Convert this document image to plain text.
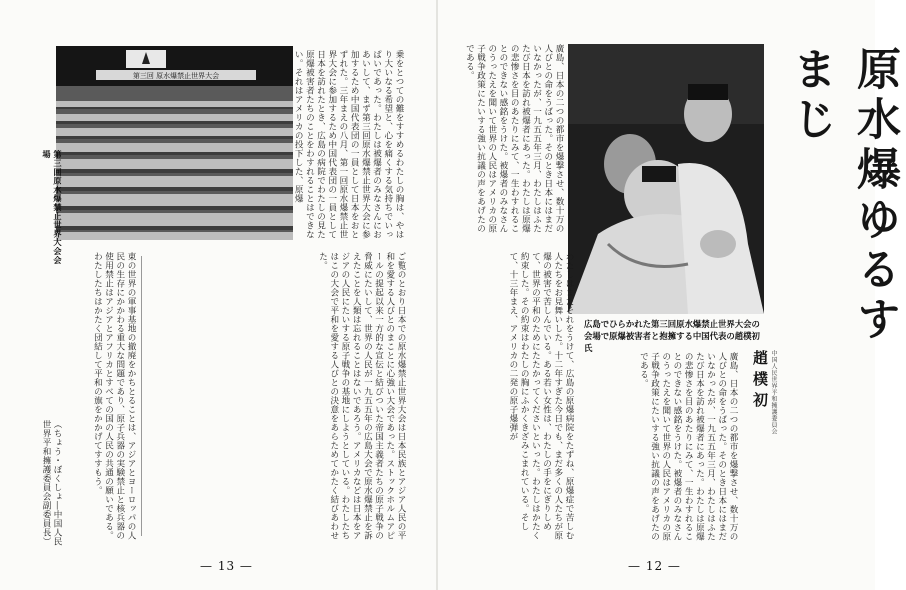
第三回 原水爆禁止世界大会
第三回原水爆禁止世界大会会場	乗をとつての難をすすめるわたしの胸は、やはり大いなる希望と、心を痛くする気持ちでいっぱいであった。わたしは被爆者のみなさんにおあいして、まず第三回原水爆禁止世界大会に参加するため中国代表団の一員として日本をおとずれた。三年まえの八月、第一回原水爆禁止世界大会に参加するため中国代表団の一員として日本を訪れたとき、広島の病院でわたしの見た原爆被害者たちのことをわすれることはできない。それはアメリカの投下した、原爆
ご覧のとおり日本での原水爆禁止世界大会は日本民族とアジア人民の平和を愛する人びとのまことに心強い大会であった。ストックホルムアピールの提起以来一方的な宣伝と結びついた帝国主義者たちの原子戦争の脅威にたいして、世界の人民が一九五五年の広島大会で原水爆禁止を訴えたことを人類は忘れることはないであろう。アメリカなどは日本をアジアの人民にたいする原子戦争の基地にしようとしている。わたしたちはこの大会で平和を愛する人びとの決意をあらためてかたく結びあわせた。
東の世界の軍事基地の撤廃をかちとることは、アジアとヨーロッパの人民の生存にかかわる重大な問題であり、原子兵器の実験禁止と核兵器の使用禁止はアジアとアフリカとすべての国の人民の共通の願いである。わたしたちはかたく団結して平和の旗をかかげてすすもう。
（ちょう・ぼくしょ―中国人民世界平和擁護委員会副委員長）
— 13 —
廣島、日本の二つの都市を爆撃させ、数十万の人びとの命をうばった。そのとき日本にはまだいなかったが、一九五五年三月、わたしはふたたび日本を訪れ被爆者にあった。わたしは原爆の悲惨さを目のあたりにみて、一生わすれることのできない感銘をうけた。被爆者のみなさんのうったえを聞いて世界の人民はアメリカの原子戦争政策にたいする強い抗議の声をあげたのである。
広島でひらかれた第三回原水爆禁止世界大会の
会場で原爆被害者と抱擁する中国代表の趙樸初氏
原水爆ゆるすまじ
中国人民世界平和擁護委員会
趙樸初
わたしはまたそれをうけて、広島の原爆病院をたずね、原爆症で苦しむ人たちをお見舞いした。十二年すぎた今日でも、まだ多くの人たちが原爆の被害で苦しんでいる。ある若い女性は、わたしの手をにぎりしめて、世界の平和のためにたたかってくださいといった。わたしはかたく約束した。その約束はわたしの胸にふかくきざみこまれている。そして、十三年まえ、アメリカの二発の原子爆弾が
廣島、日本の二つの都市を爆撃させ、数十万の人びとの命をうばった。そのとき日本にはまだいなかったが、一九五五年三月、わたしはふたたび日本を訪れ被爆者にあった。わたしは原爆の悲惨さを目のあたりにみて、一生わすれることのできない感銘をうけた。被爆者のみなさんのうったえを聞いて世界の人民はアメリカの原子戦争政策にたいする強い抗議の声をあげたのである。
— 12 —
